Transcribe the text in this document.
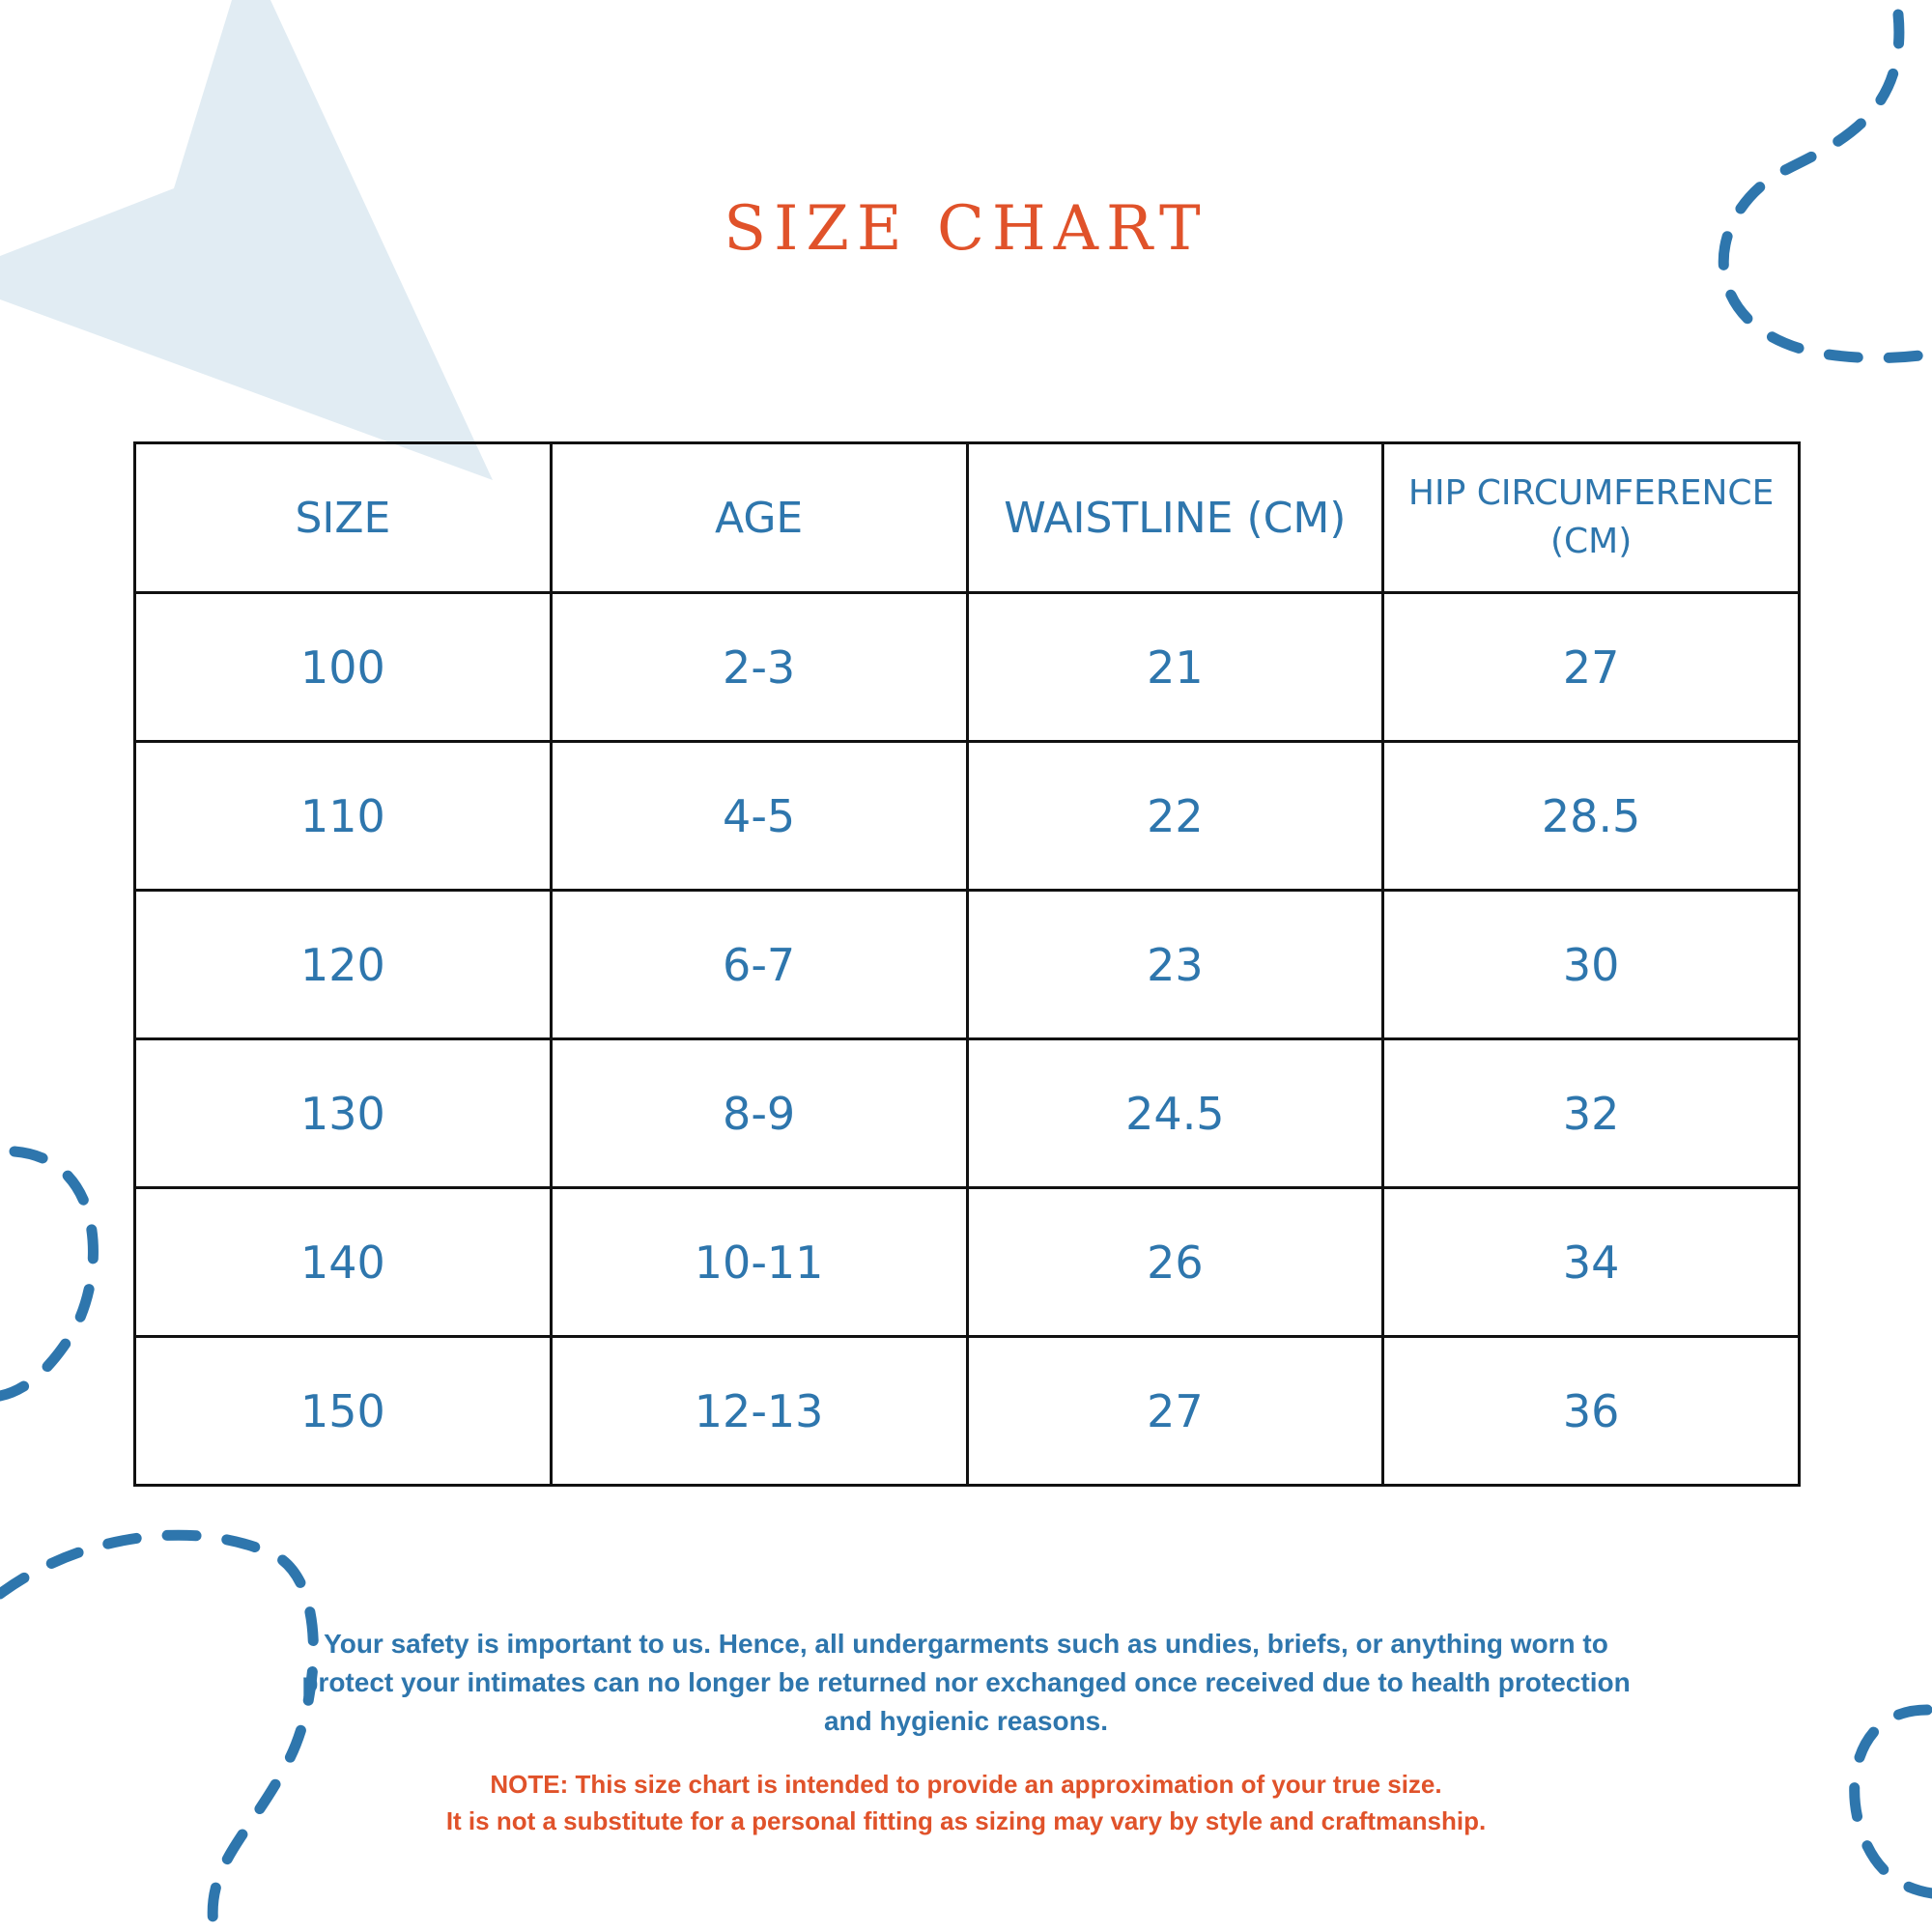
SIZE CHART
SIZE	AGE	WAISTLINE (CM)	HIP CIRCUMFERENCE (CM)
100	2-3	21	27
110	4-5	22	28.5
120	6-7	23	30
130	8-9	24.5	32
140	10-11	26	34
150	12-13	27	36
Your safety is important to us. Hence, all undergarments such as undies, briefs, or anything worn to protect your intimates can no longer be returned nor exchanged once received due to health protection and hygienic reasons.
NOTE: This size chart is intended to provide an approximation of your true size.
It is not a substitute for a personal fitting as sizing may vary by style and craftmanship.
